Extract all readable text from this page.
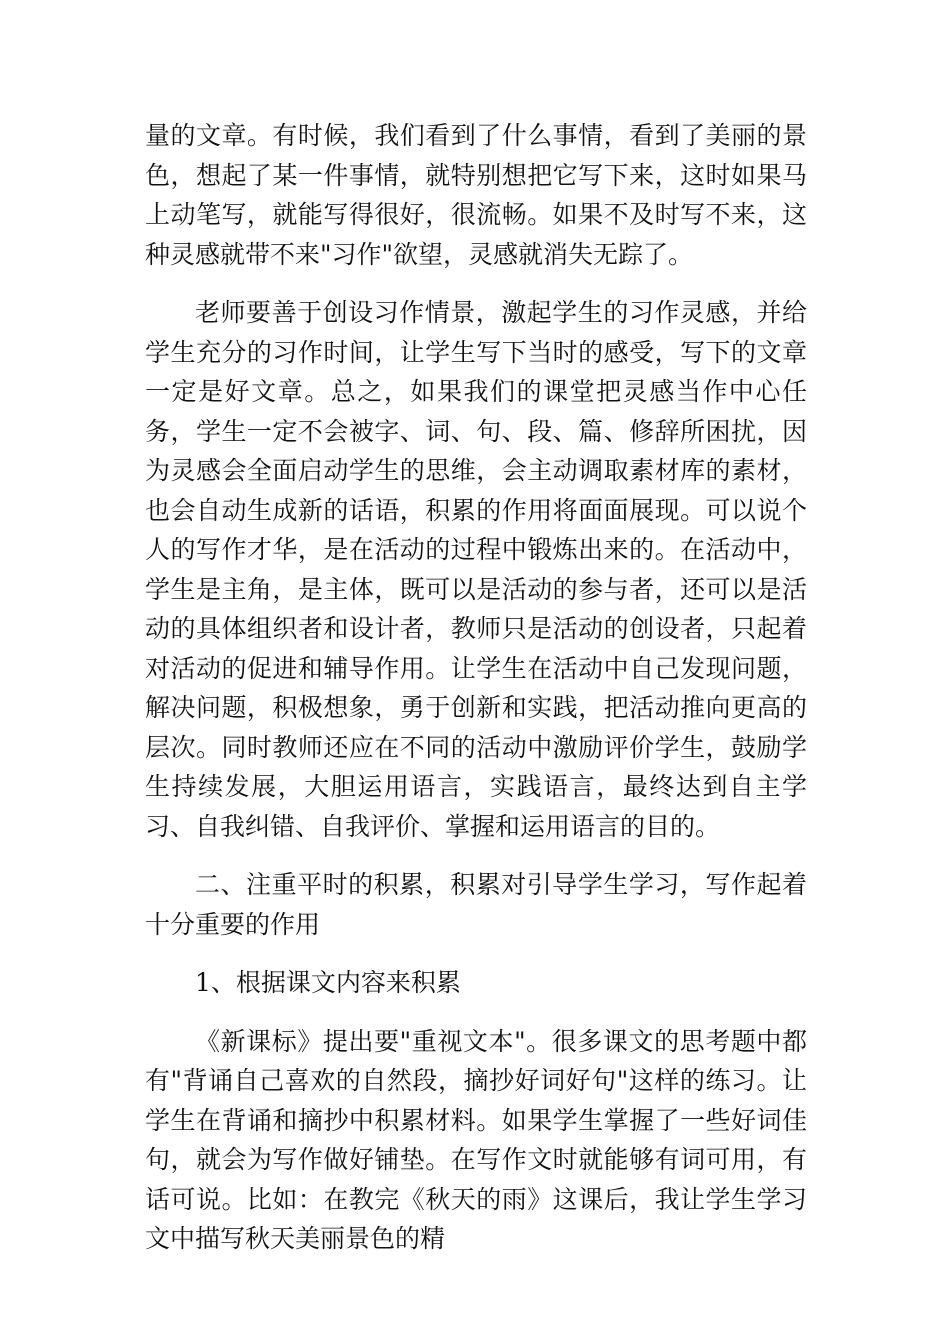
量的文章。有时候，我们看到了什么事情，看到了美丽的景色，想起了某一件事情，就特别想把它写下来，这时如果马上动笔写，就能写得很好，很流畅。如果不及时写不来，这种灵感就带不来"习作"欲望，灵感就消失无踪了。

老师要善于创设习作情景，激起学生的习作灵感，并给学生充分的习作时间，让学生写下当时的感受，写下的文章一定是好文章。总之，如果我们的课堂把灵感当作中心任务，学生一定不会被字、词、句、段、篇、修辞所困扰，因为灵感会全面启动学生的思维，会主动调取素材库的素材，也会自动生成新的话语，积累的作用将面面展现。可以说个人的写作才华，是在活动的过程中锻炼出来的。在活动中，学生是主角，是主体，既可以是活动的参与者，还可以是活动的具体组织者和设计者，教师只是活动的创设者，只起着对活动的促进和辅导作用。让学生在活动中自己发现问题，解决问题，积极想象，勇于创新和实践，把活动推向更高的层次。同时教师还应在不同的活动中激励评价学生，鼓励学生持续发展，大胆运用语言，实践语言，最终达到自主学习、自我纠错、自我评价、掌握和运用语言的目的。

二、注重平时的积累，积累对引导学生学习，写作起着十分重要的作用

1、根据课文内容来积累

《新课标》提出要"重视文本"。很多课文的思考题中都有"背诵自己喜欢的自然段，摘抄好词好句"这样的练习。让学生在背诵和摘抄中积累材料。如果学生掌握了一些好词佳句，就会为写作做好铺垫。在写作文时就能够有词可用，有话可说。比如：在教完《秋天的雨》这课后，我让学生学习文中描写秋天美丽景色的精
